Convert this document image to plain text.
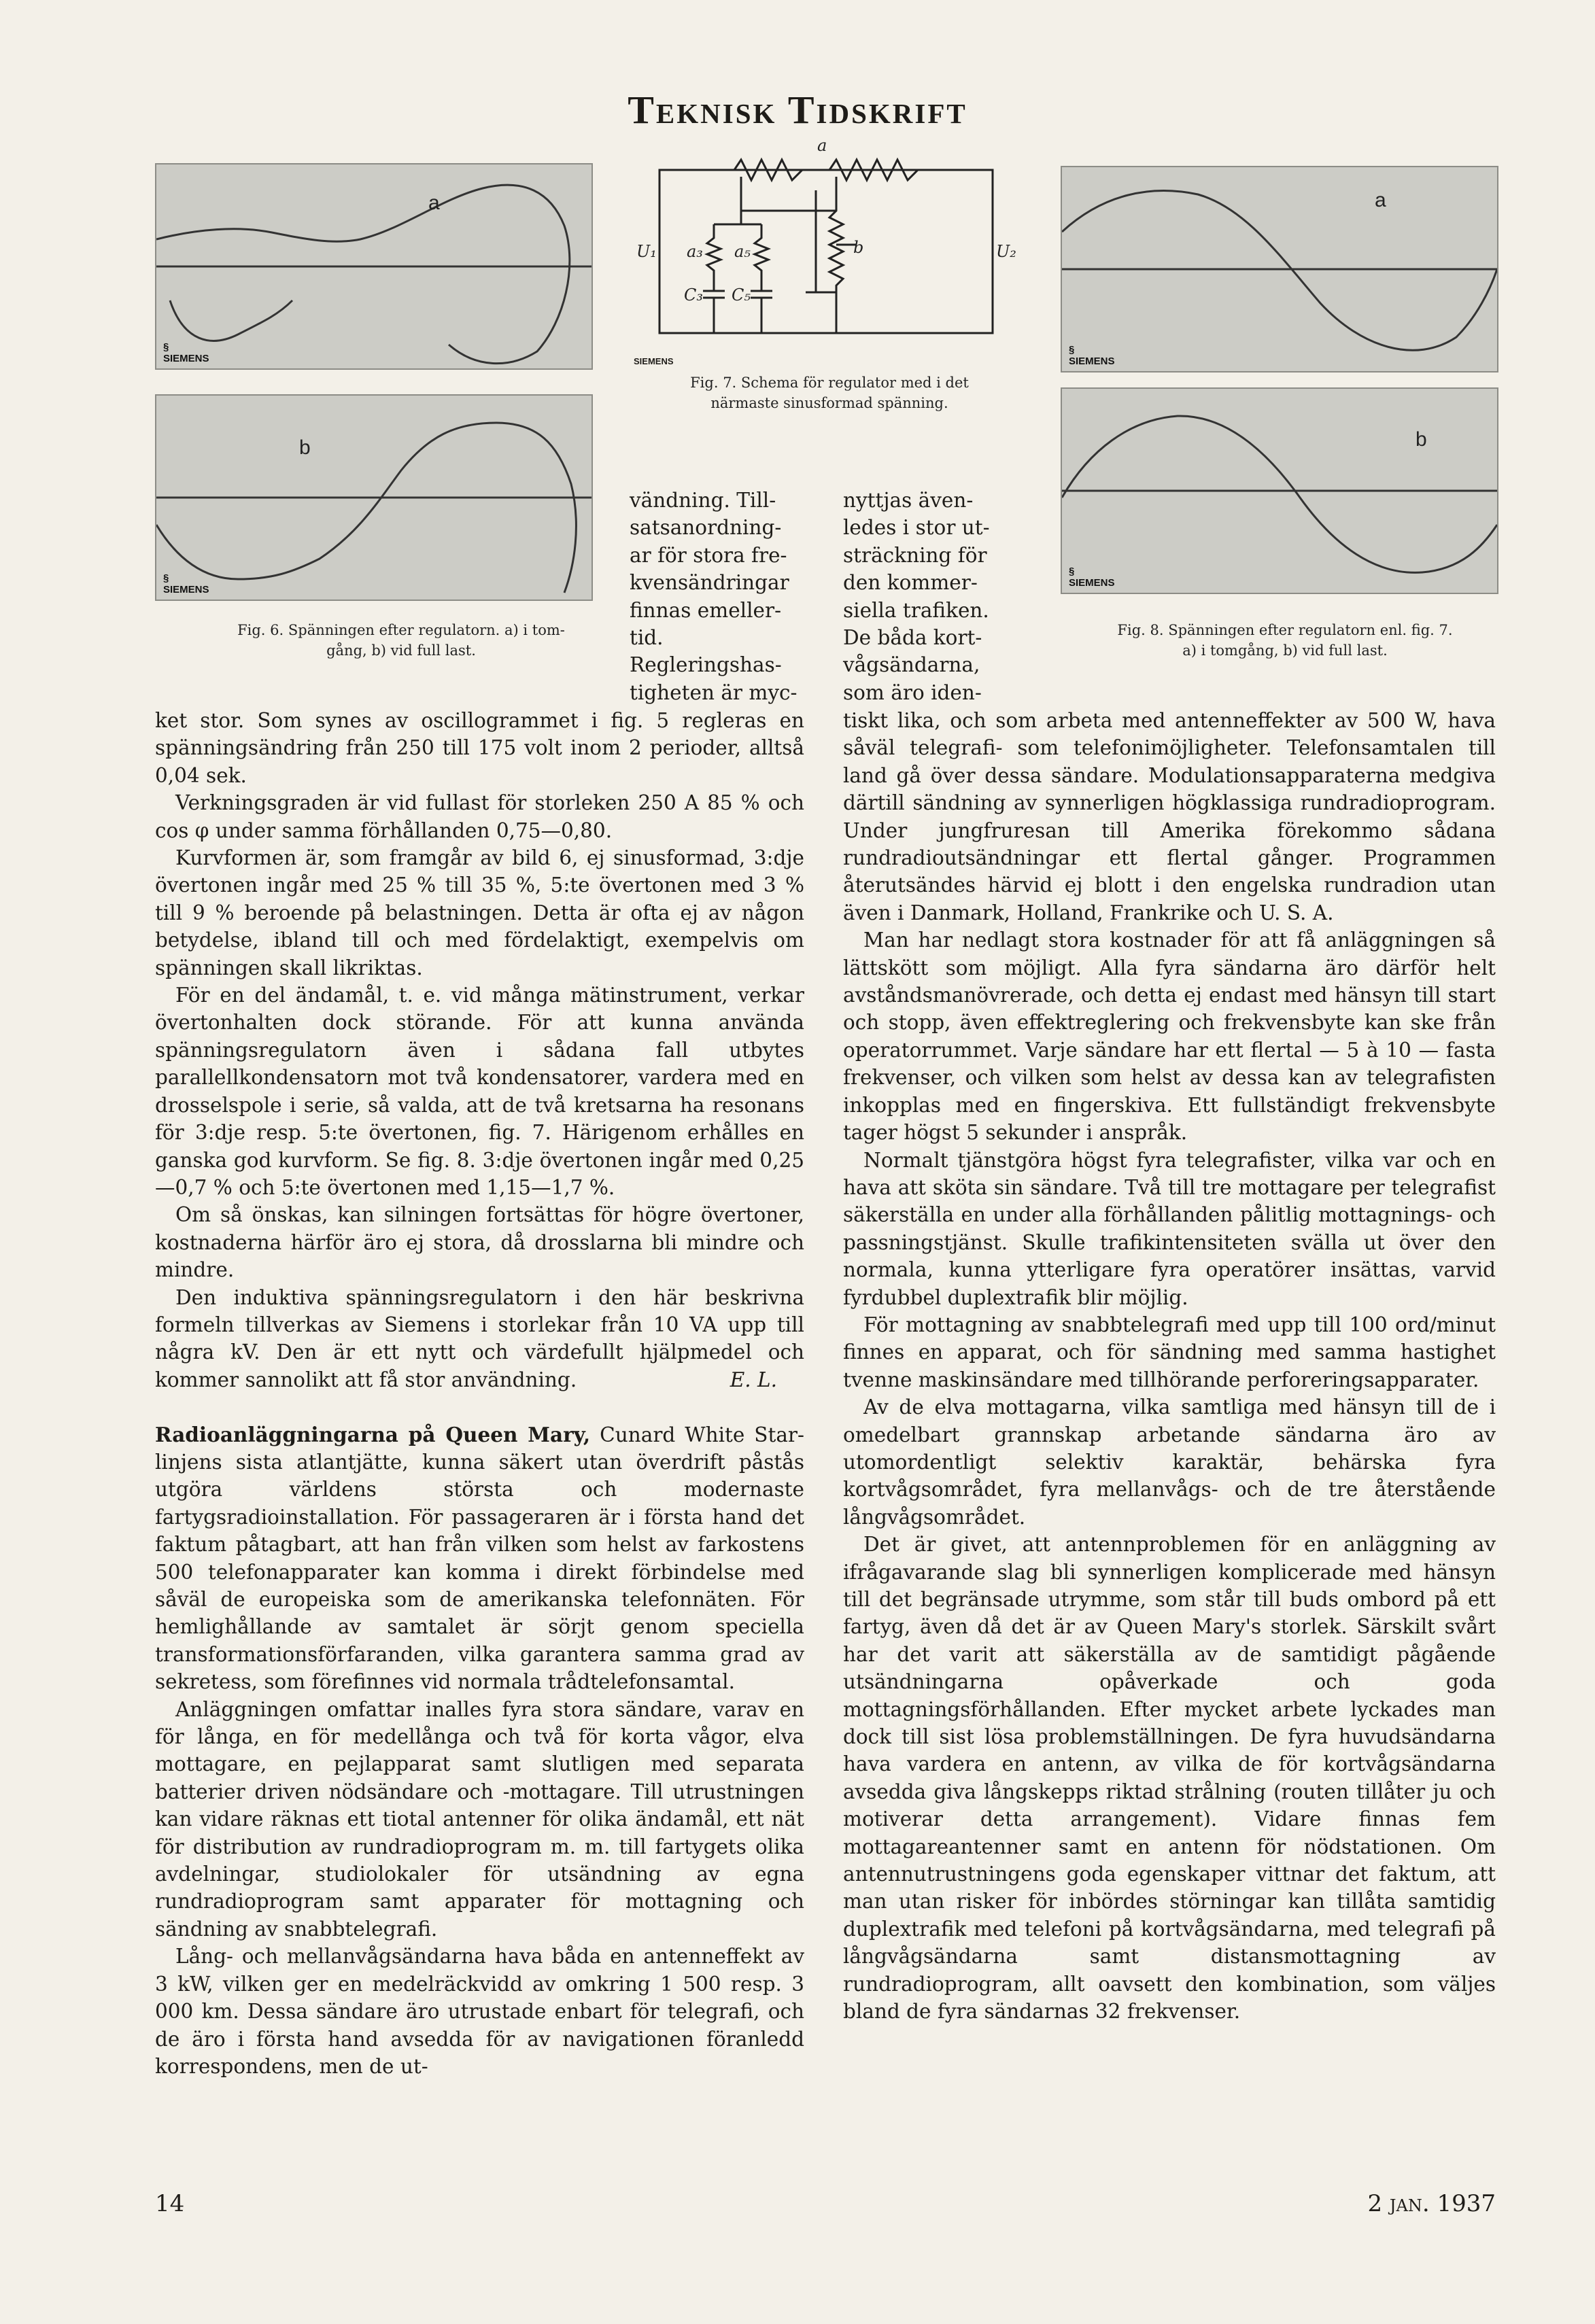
Teknisk Tidskrift
a
§
SIEMENS
b
§
SIEMENS
Fig. 6. Spänningen efter regulatorn. a) i tom-
gång, b) vid full last.
a
U₁	U₂
a₃ a₅
C₃ C₅
b
SIEMENS
Fig. 7. Schema för regulator med i det
närmaste sinusformad spänning.
a
§
SIEMENS
b
§
SIEMENS
Fig. 8. Spänningen efter regulatorn enl. fig. 7.
a) i tomgång, b) vid full last.
vändning. Till-
satsanordning-
ar för stora fre-
kvensändringar
finnas emeller-
tid.
Regleringshas-
tigheten är myc-
nyttjas även-
ledes i stor ut-
sträckning för
den kommer-
siella trafiken.
De båda kort-
vågsändarna,
som äro iden-

ket stor. Som synes av oscillogrammet i fig. 5 regleras en spänningsändring från 250 till 175 volt inom 2 perioder, alltså 0,04 sek.

Verkningsgraden är vid fullast för storleken 250 A 85 % och cos φ under samma förhållanden 0,75—0,80.

Kurvformen är, som framgår av bild 6, ej sinusformad, 3:dje övertonen ingår med 25 % till 35 %, 5:te övertonen med 3 % till 9 % beroende på belastningen. Detta är ofta ej av någon betydelse, ibland till och med fördelaktigt, exempelvis om spänningen skall likriktas.

För en del ändamål, t. e. vid många mätinstrument, verkar övertonhalten dock störande. För att kunna använda spänningsregulatorn även i sådana fall utbytes parallellkondensatorn mot två kondensatorer, vardera med en drosselspole i serie, så valda, att de två kretsarna ha resonans för 3:dje resp. 5:te övertonen, fig. 7. Härigenom erhålles en ganska god kurvform. Se fig. 8. 3:dje övertonen ingår med 0,25—0,7 % och 5:te övertonen med 1,15—1,7 %.

Om så önskas, kan silningen fortsättas för högre övertoner, kostnaderna härför äro ej stora, då drosslarna bli mindre och mindre.

Den induktiva spänningsregulatorn i den här beskrivna formeln tillverkas av Siemens i storlekar från 10 VA upp till några kV. Den är ett nytt och värdefullt hjälpmedel och kommer sannolikt att få stor användning.	E. L.

Radioanläggningarna på Queen Mary, Cunard White Star-linjens sista atlantjätte, kunna säkert utan överdrift påstås utgöra världens största och modernaste fartygsradioinstallation. För passageraren är i första hand det faktum påtagbart, att han från vilken som helst av farkostens 500 telefonapparater kan komma i direkt förbindelse med såväl de europeiska som de amerikanska telefonnäten. För hemlighållande av samtalet är sörjt genom speciella transformationsförfaranden, vilka garantera samma grad av sekretess, som förefinnes vid normala trådtelefonsamtal.

Anläggningen omfattar inalles fyra stora sändare, varav en för långa, en för medellånga och två för korta vågor, elva mottagare, en pejlapparat samt slutligen med separata batterier driven nödsändare och -mottagare. Till utrustningen kan vidare räknas ett tiotal antenner för olika ändamål, ett nät för distribution av rundradioprogram m. m. till fartygets olika avdelningar, studiolokaler för utsändning av egna rundradioprogram samt apparater för mottagning och sändning av snabbtelegrafi.

Lång- och mellanvågsändarna hava båda en antenneffekt av 3 kW, vilken ger en medelräckvidd av omkring 1 500 resp. 3 000 km. Dessa sändare äro utrustade enbart för telegrafi, och de äro i första hand avsedda för av navigationen föranledd korrespondens, men de ut-

tiskt lika, och som arbeta med antenneffekter av 500 W, hava såväl telegrafi- som telefonimöjligheter. Telefonsamtalen till land gå över dessa sändare. Modulationsapparaterna medgiva därtill sändning av synnerligen högklassiga rundradioprogram. Under jungfruresan till Amerika förekommo sådana rundradioutsändningar ett flertal gånger. Programmen återutsändes härvid ej blott i den engelska rundradion utan även i Danmark, Holland, Frankrike och U. S. A.

Man har nedlagt stora kostnader för att få anläggningen så lättskött som möjligt. Alla fyra sändarna äro därför helt avståndsmanövrerade, och detta ej endast med hänsyn till start och stopp, även effektreglering och frekvensbyte kan ske från operatorrummet. Varje sändare har ett flertal — 5 à 10 — fasta frekvenser, och vilken som helst av dessa kan av telegrafisten inkopplas med en fingerskiva. Ett fullständigt frekvensbyte tager högst 5 sekunder i anspråk.

Normalt tjänstgöra högst fyra telegrafister, vilka var och en hava att sköta sin sändare. Två till tre mottagare per telegrafist säkerställa en under alla förhållanden pålitlig mottagnings- och passningstjänst. Skulle trafikintensiteten svälla ut över den normala, kunna ytterligare fyra operatörer insättas, varvid fyrdubbel duplextrafik blir möjlig.

För mottagning av snabbtelegrafi med upp till 100 ord/minut finnes en apparat, och för sändning med samma hastighet tvenne maskinsändare med tillhörande perforeringsapparater.

Av de elva mottagarna, vilka samtliga med hänsyn till de i omedelbart grannskap arbetande sändarna äro av utomordentligt selektiv karaktär, behärska fyra kortvågsområdet, fyra mellanvågs- och de tre återstående långvågsområdet.

Det är givet, att antennproblemen för en anläggning av ifrågavarande slag bli synnerligen komplicerade med hänsyn till det begränsade utrymme, som står till buds ombord på ett fartyg, även då det är av Queen Mary's storlek. Särskilt svårt har det varit att säkerställa av de samtidigt pågående utsändningarna opåverkade och goda mottagningsförhållanden. Efter mycket arbete lyckades man dock till sist lösa problemställningen. De fyra huvudsändarna hava vardera en antenn, av vilka de för kortvågsändarna avsedda giva långskepps riktad strålning (routen tillåter ju och motiverar detta arrangement). Vidare finnas fem mottagareantenner samt en antenn för nödstationen. Om antennutrustningens goda egenskaper vittnar det faktum, att man utan risker för inbördes störningar kan tillåta samtidig duplextrafik med telefoni på kortvågsändarna, med telegrafi på långvågsändarna samt distansmottagning av rundradioprogram, allt oavsett den kombination, som väljes bland de fyra sändarnas 32 frekvenser.

14	2 jan. 1937
